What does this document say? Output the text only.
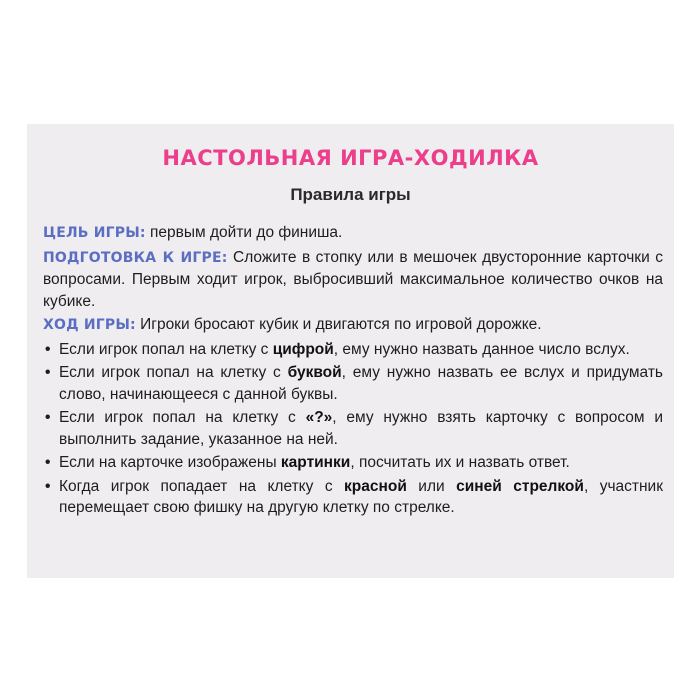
НАСТОЛЬНАЯ ИГРА-ХОДИЛКА
Правила игры

ЦЕЛЬ ИГРЫ: первым дойти до финиша.

ПОДГОТОВКА К ИГРЕ: Сложите в стопку или в мешочек двусторонние карточки с вопросами. Первым ходит игрок, выбросивший максимальное количество очков на кубике.

ХОД ИГРЫ: Игроки бросают кубик и двигаются по игровой дорожке.

• Если игрок попал на клетку с цифрой, ему нужно назвать данное число вслух.
• Если игрок попал на клетку с буквой, ему нужно назвать ее вслух и придумать слово, начинающееся с данной буквы.
• Если игрок попал на клетку с «?», ему нужно взять карточку с вопросом и выполнить задание, указанное на ней.
• Если на карточке изображены картинки, посчитать их и назвать ответ.
• Когда игрок попадает на клетку с красной или синей стрелкой, участник перемещает свою фишку на другую клетку по стрелке.
